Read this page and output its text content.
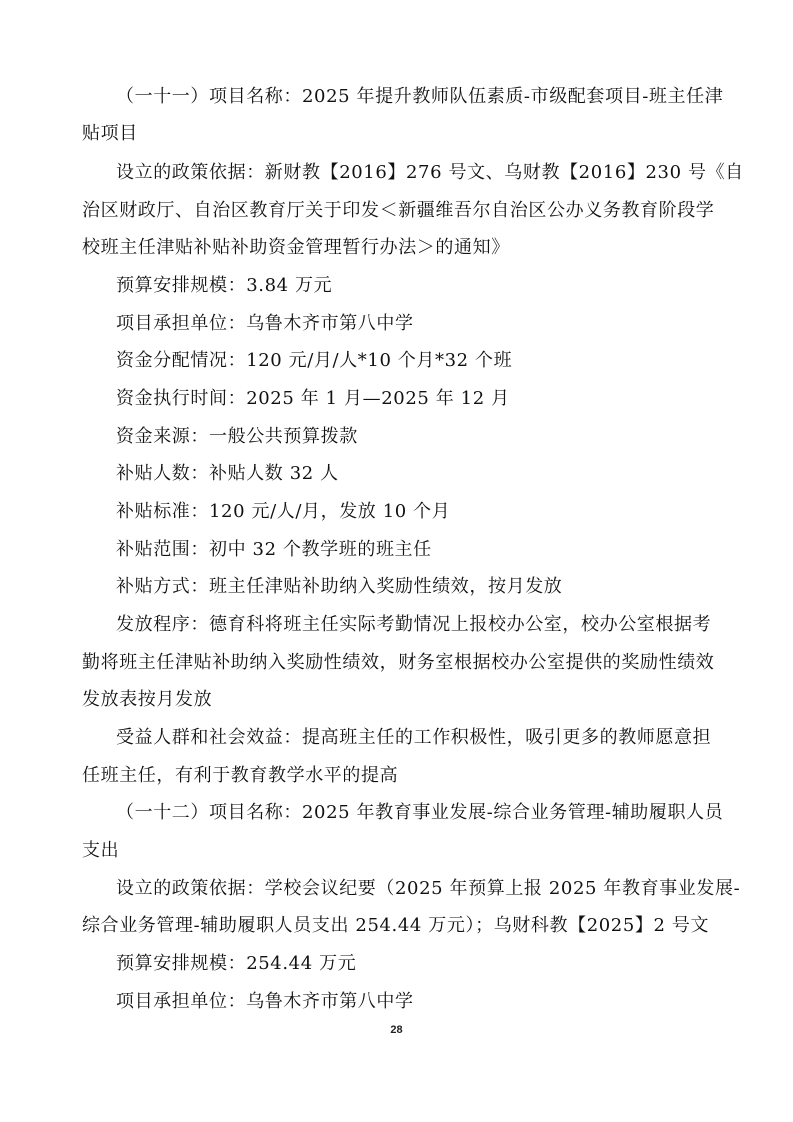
（一十一）项目名称：2025 年提升教师队伍素质-市级配套项目-班主任津
贴项目
设立的政策依据：新财教【2016】276 号文、乌财教【2016】230 号《自
治区财政厅、自治区教育厅关于印发＜新疆维吾尔自治区公办义务教育阶段学
校班主任津贴补贴补助资金管理暂行办法＞的通知》
预算安排规模：3.84 万元
项目承担单位：乌鲁木齐市第八中学
资金分配情况：120 元/月/人*10 个月*32 个班
资金执行时间：2025 年 1 月—2025 年 12 月
资金来源：一般公共预算拨款
补贴人数：补贴人数 32 人
补贴标准：120 元/人/月，发放 10 个月
补贴范围：初中 32 个教学班的班主任
补贴方式：班主任津贴补助纳入奖励性绩效，按月发放
发放程序：德育科将班主任实际考勤情况上报校办公室，校办公室根据考
勤将班主任津贴补助纳入奖励性绩效，财务室根据校办公室提供的奖励性绩效
发放表按月发放
受益人群和社会效益：提高班主任的工作积极性，吸引更多的教师愿意担
任班主任，有利于教育教学水平的提高
（一十二）项目名称：2025 年教育事业发展-综合业务管理-辅助履职人员
支出
设立的政策依据：学校会议纪要（2025 年预算上报 2025 年教育事业发展-
综合业务管理-辅助履职人员支出 254.44 万元）；乌财科教【2025】2 号文
预算安排规模：254.44 万元
项目承担单位：乌鲁木齐市第八中学
28
